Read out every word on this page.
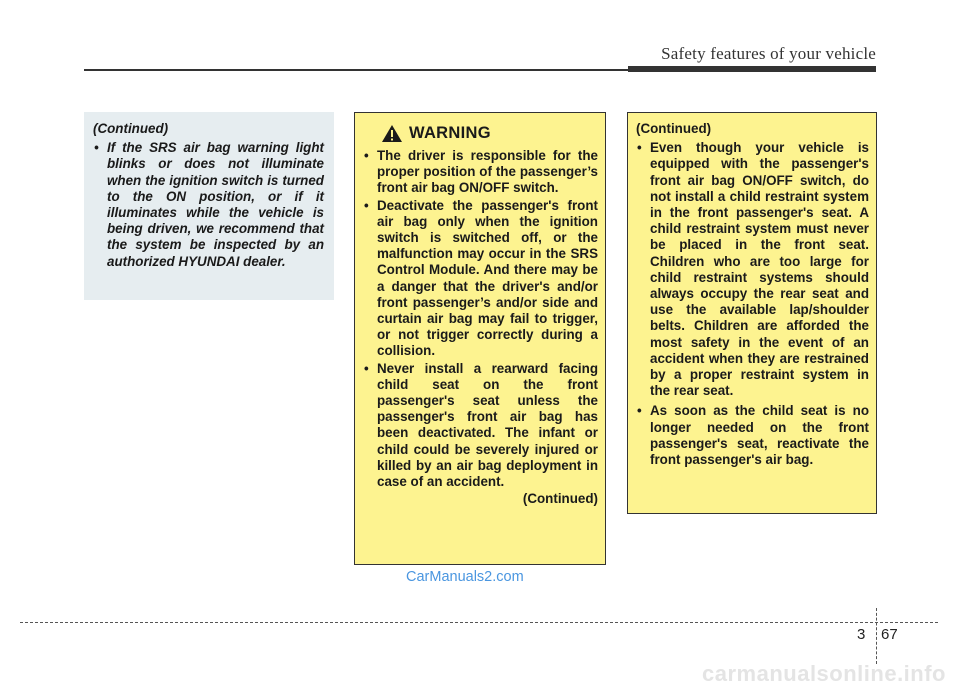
Safety features of your vehicle
(Continued)
• If the SRS air bag warning light blinks or does not illuminate when the ignition switch is turned to the ON position, or if it illuminates while the vehicle is being driven, we recommend that the system be inspected by an authorized HYUNDAI dealer.
WARNING
• The driver is responsible for the proper position of the passenger’s front air bag ON/OFF switch.
• Deactivate the passenger's front air bag only when the ignition switch is switched off, or the malfunction may occur in the SRS Control Module. And there may be a danger that the driver's and/or front passenger’s and/or side and curtain air bag may fail to trigger, or not trigger correctly during a collision.
• Never install a rearward facing child seat on the front passenger's seat unless the passenger's front air bag has been deactivated. The infant or child could be severely injured or killed by an air bag deployment in case of an accident.
(Continued)
(Continued)
• Even though your vehicle is equipped with the passenger's front air bag ON/OFF switch, do not install a child restraint system in the front passenger's seat. A child restraint system must never be placed in the front seat. Children who are too large for child restraint systems should always occupy the rear seat and use the available lap/shoulder belts. Children are afforded the most safety in the event of an accident when they are restrained by a proper restraint system in the rear seat.
• As soon as the child seat is no longer needed on the front passenger's seat, reactivate the front passenger's air bag.
CarManuals2.com
3 67
carmanualsonline.info
